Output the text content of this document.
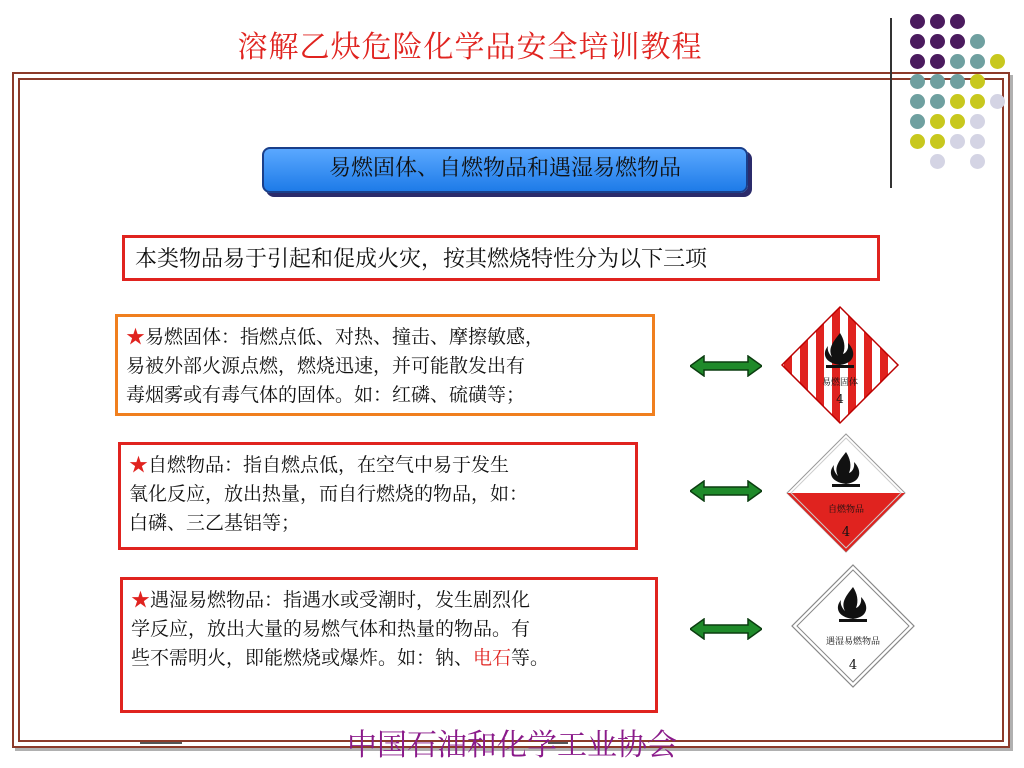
溶解乙炔危险化学品安全培训教程
易燃固体、自燃物品和遇湿易燃物品
本类物品易于引起和促成火灾，按其燃烧特性分为以下三项
★易燃固体：指燃点低、对热、撞击、摩擦敏感，
易被外部火源点燃，燃烧迅速，并可能散发出有
毒烟雾或有毒气体的固体。如：红磷、硫磺等；
★自燃物品：指自燃点低，在空气中易于发生
氧化反应，放出热量，而自行燃烧的物品，如：
白磷、三乙基铝等；
★遇湿易燃物品：指遇水或受潮时，发生剧烈化
学反应，放出大量的易燃气体和热量的物品。有
些不需明火，即能燃烧或爆炸。如：钠、电石等。
易燃固体
4
自燃物品
4
遇湿易燃物品
4
中国石油和化学工业协会
